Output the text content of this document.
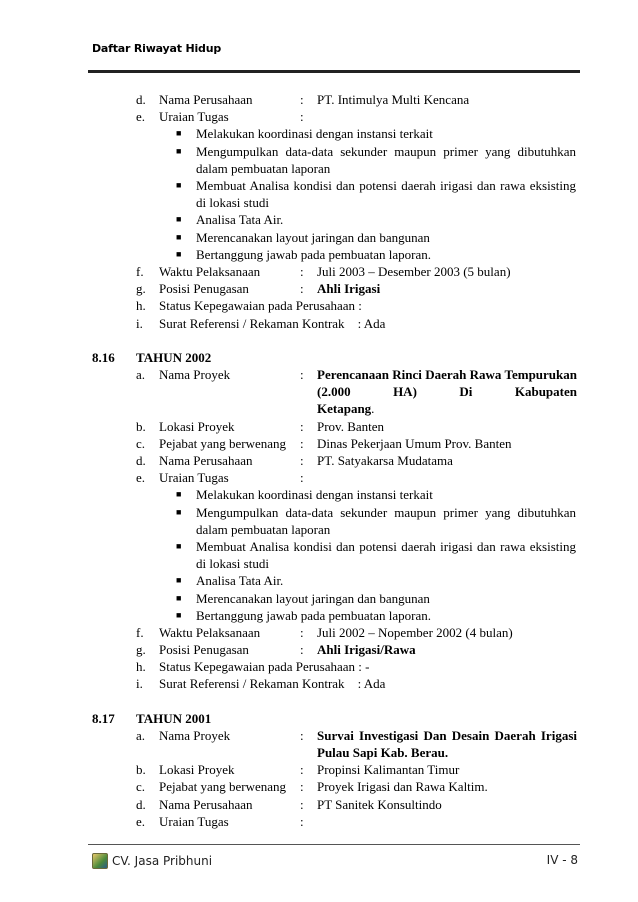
Daftar Riwayat Hidup
d. Nama Perusahaan	: PT. Intimulya Multi Kencana
e. Uraian Tugas	:
■ Melakukan koordinasi dengan instansi terkait
■ Mengumpulkan data-data sekunder maupun primer yang dibutuhkan dalam pembuatan laporan
■ Membuat Analisa kondisi dan potensi daerah irigasi dan rawa eksisting di lokasi studi
■ Analisa Tata Air.
■ Merencanakan layout jaringan dan bangunan
■ Bertanggung jawab pada pembuatan laporan.
f. Waktu Pelaksanaan	: Juli 2003 – Desember 2003 (5 bulan)
g. Posisi Penugasan	: Ahli Irigasi
h. Status Kepegawaian pada Perusahaan :
i. Surat Referensi / Rekaman Kontrak : Ada
8.16 TAHUN 2002
a. Nama Proyek	: Perencanaan Rinci Daerah Rawa Tempurukan (2.000 HA) Di Kabupaten
Ketapang.
b. Lokasi Proyek	: Prov. Banten
c. Pejabat yang berwenang : Dinas Pekerjaan Umum Prov. Banten
d. Nama Perusahaan	: PT. Satyakarsa Mudatama
e. Uraian Tugas	:
■ Melakukan koordinasi dengan instansi terkait
■ Mengumpulkan data-data sekunder maupun primer yang dibutuhkan dalam pembuatan laporan
■ Membuat Analisa kondisi dan potensi daerah irigasi dan rawa eksisting di lokasi studi
■ Analisa Tata Air.
■ Merencanakan layout jaringan dan bangunan
■ Bertanggung jawab pada pembuatan laporan.
f. Waktu Pelaksanaan	: Juli 2002 – Nopember 2002 (4 bulan)
g. Posisi Penugasan	: Ahli Irigasi/Rawa
h. Status Kepegawaian pada Perusahaan : -
i. Surat Referensi / Rekaman Kontrak : Ada
8.17 TAHUN 2001
a. Nama Proyek	: Survai Investigasi Dan Desain Daerah Irigasi Pulau Sapi Kab. Berau.
b. Lokasi Proyek	: Propinsi Kalimantan Timur
c. Pejabat yang berwenang : Proyek Irigasi dan Rawa Kaltim.
d. Nama Perusahaan	: PT Sanitek Konsultindo
e. Uraian Tugas	:
CV. Jasa Pribhuni	IV - 8
